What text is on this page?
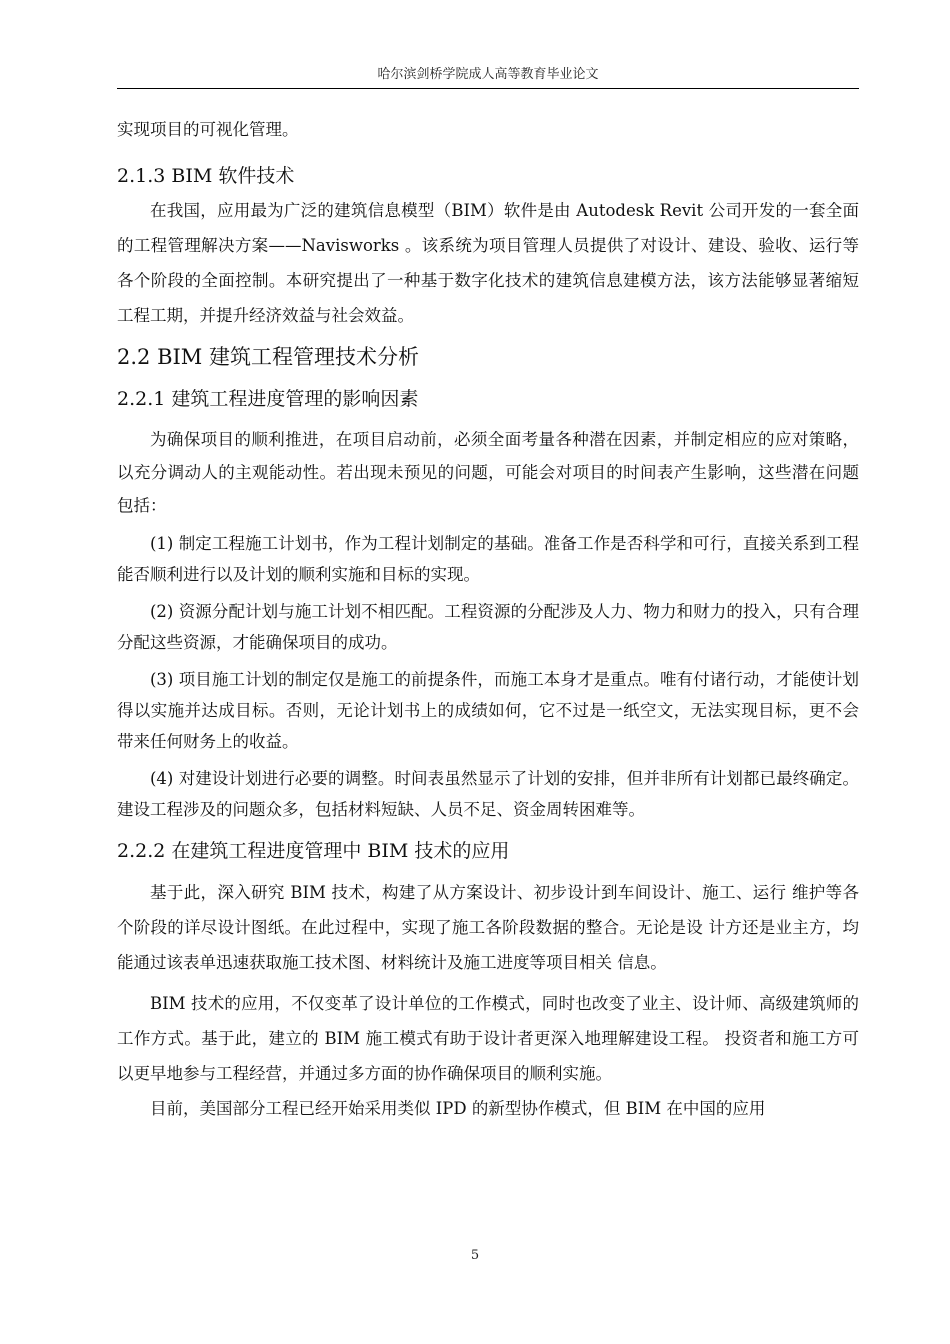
哈尔滨剑桥学院成人高等教育毕业论文

实现项目的可视化管理。

2.1.3 BIM 软件技术

在我国，应用最为广泛的建筑信息模型（BIM）软件是由 Autodesk Revit 公司开发的一套全面的工程管理解决方案——Navisworks 。该系统为项目管理人员提供了对设计、建设、验收、运行等各个阶段的全面控制。本研究提出了一种基于数字化技术的建筑信息建模方法，该方法能够显著缩短工程工期，并提升经济效益与社会效益。

2.2 BIM 建筑工程管理技术分析
2.2.1 建筑工程进度管理的影响因素

为确保项目的顺利推进，在项目启动前，必须全面考量各种潜在因素，并制定相应的应对策略，以充分调动人的主观能动性。若出现未预见的问题，可能会对项目的时间表产生影响，这些潜在问题包括：

(1) 制定工程施工计划书，作为工程计划制定的基础。准备工作是否科学和可行，直接关系到工程能否顺利进行以及计划的顺利实施和目标的实现。

(2) 资源分配计划与施工计划不相匹配。工程资源的分配涉及人力、物力和财力的投入，只有合理分配这些资源，才能确保项目的成功。

(3) 项目施工计划的制定仅是施工的前提条件，而施工本身才是重点。唯有付诸行动，才能使计划得以实施并达成目标。否则，无论计划书上的成绩如何，它不过是一纸空文，无法实现目标，更不会带来任何财务上的收益。

(4) 对建设计划进行必要的调整。时间表虽然显示了计划的安排，但并非所有计划都已最终确定。建设工程涉及的问题众多，包括材料短缺、人员不足、资金周转困难等。

2.2.2 在建筑工程进度管理中 BIM 技术的应用

基于此，深入研究 BIM 技术，构建了从方案设计、初步设计到车间设计、施工、运行 维护等各个阶段的详尽设计图纸。在此过程中，实现了施工各阶段数据的整合。无论是设 计方还是业主方，均能通过该表单迅速获取施工技术图、材料统计及施工进度等项目相关 信息。

BIM 技术的应用，不仅变革了设计单位的工作模式，同时也改变了业主、设计师、高级建筑师的工作方式。基于此，建立的 BIM 施工模式有助于设计者更深入地理解建设工程。 投资者和施工方可以更早地参与工程经营，并通过多方面的协作确保项目的顺利实施。

目前，美国部分工程已经开始采用类似 IPD 的新型协作模式，但 BIM 在中国的应用

5
